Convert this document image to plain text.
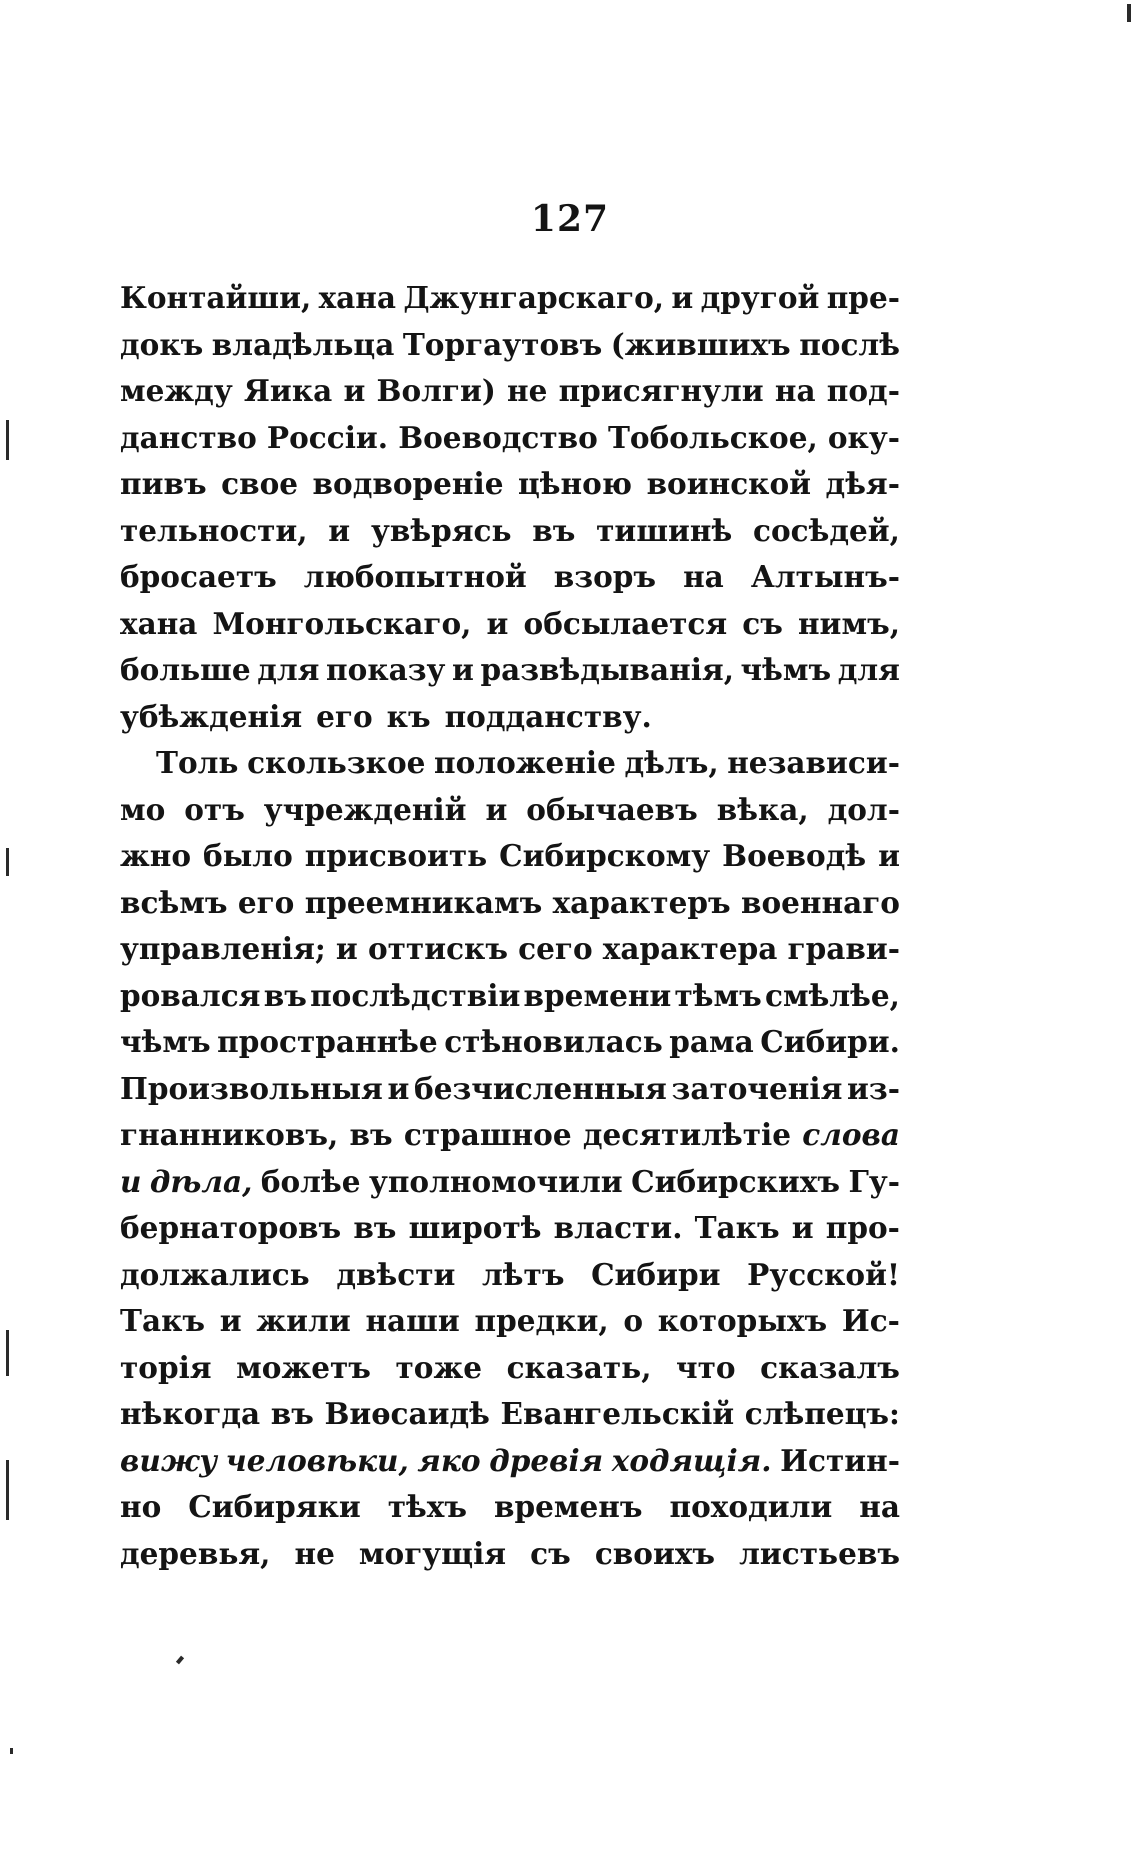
127
Контайши, хана Джунгарскаго, и другой пре-
докъ владѣльца Торгаутовъ (жившихъ послѣ
между Яика и Волги) не присягнули на под-
данство Россіи. Воеводство Тобольское, оку-
пивъ свое водвореніе цѣною воинской дѣя-
тельности, и увѣрясь въ тишинѣ сосѣдей,
бросаетъ любопытной взоръ на Алтынъ-
хана Монгольскаго, и обсылается съ нимъ,
больше для показу и развѣдыванія, чѣмъ для
убѣжденія его къ подданству.
Толь скользкое положеніе дѣлъ, независи-
мо отъ учрежденій и обычаевъ вѣка, дол-
жно было присвоить Сибирскому Воеводѣ и
всѣмъ его преемникамъ характеръ военнаго
управленія; и оттискъ сего характера грави-
ровался въ послѣдствіи времени тѣмъ смѣлѣе,
чѣмъ пространнѣе стѣновилась рама Сибири.
Произвольныя и безчисленныя заточенія из-
гнанниковъ, въ страшное десятилѣтіе слова
и дѣла, болѣе уполномочили Сибирскихъ Гу-
бернаторовъ въ широтѣ власти. Такъ и про-
должались двѣсти лѣтъ Сибири Русской!
Такъ и жили наши предки, о которыхъ Ис-
торія можетъ тоже сказать, что сказалъ
нѣкогда въ Виѳсаидѣ Евангельскій слѣпецъ:
вижу человѣки, яко древія ходящія. Истин-
но Сибиряки тѣхъ временъ походили на
деревья, не могущія съ своихъ листьевъ
